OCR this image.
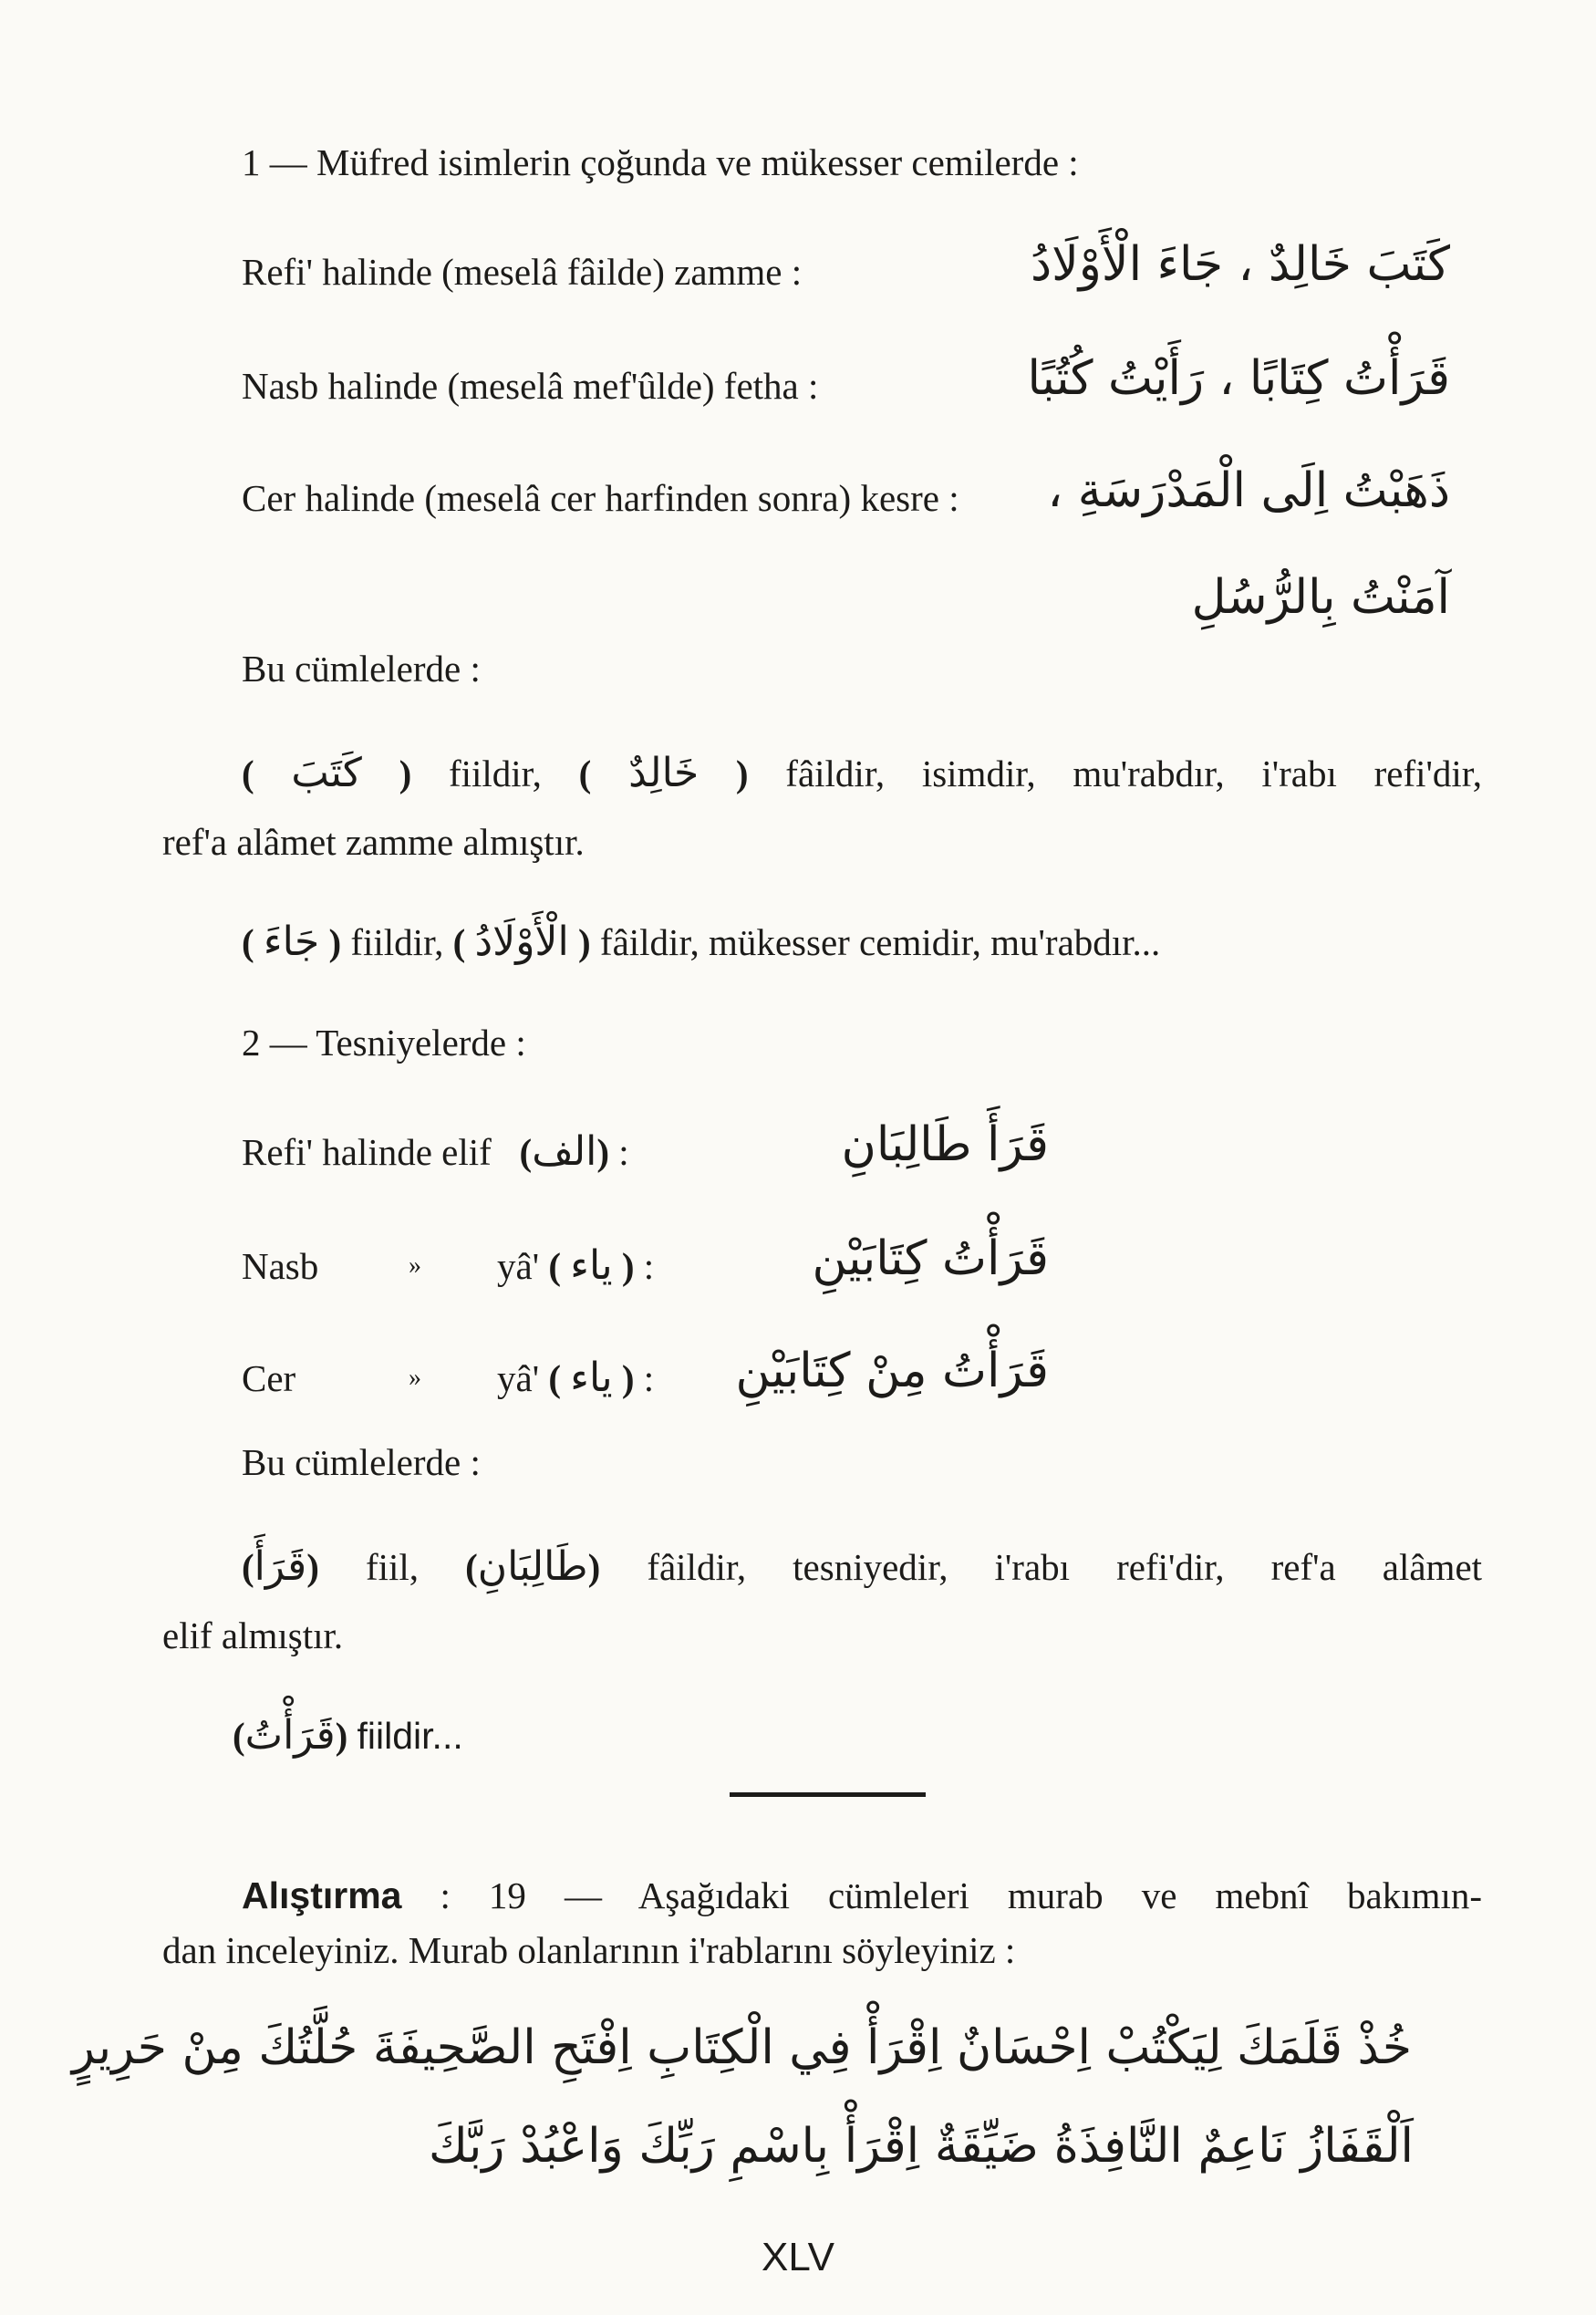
1 — Müfred isimlerin çoğunda ve mükesser cemilerde :
Refi' halinde (meselâ fâilde) zamme :	كَتَبَ خَالِدٌ ، جَاءَ الْأَوْلَادُ
Nasb halinde (meselâ mef'ûlde) fetha :	قَرَأْتُ كِتَابًا ، رَأَيْتُ كُتُبًا
Cer halinde (meselâ cer harfinden sonra) kesre : ذَهَبْتُ اِلَى الْمَدْرَسَةِ ،
آمَنْتُ بِالرُّسُلِ
Bu cümlelerde :
( كَتَبَ ) fiildir, ( خَالِدٌ ) fâildir, isimdir, mu'rabdır, i'rabı refi'dir,
ref'a alâmet zamme almıştır.
( جَاءَ ) fiildir, ( الْأَوْلَادُ ) fâildir, mükesser cemidir, mu'rabdır...
2 — Tesniyelerde :
Refi' halinde elif (الف) :	قَرَأَ طَالِبَانِ
Nasb	» yâ' ( ياء ) :	قَرَأْتُ كِتَابَيْنِ
Cer	» yâ' ( ياء ) :	قَرَأْتُ مِنْ كِتَابَيْنِ
Bu cümlelerde :
(قَرَأَ) fiil, (طَالِبَانِ) fâildir, tesniyedir, i'rabı refi'dir, ref'a alâmet
elif almıştır.
(قَرَأْتُ) fiildir...
Alıştırma : 19 — Aşağıdaki cümleleri murab ve mebnî bakımın-
dan inceleyiniz. Murab olanlarının i'rablarını söyleyiniz :
خُذْ قَلَمَكَ لِيَكْتُبْ اِحْسَانٌ اِقْرَأْ فِي الْكِتَابِ اِفْتَحِ الصَّحِيفَةَ حُلَّتُكَ مِنْ حَرِيرٍ
اَلْقَفَازُ نَاعِمٌ النَّافِذَةُ ضَيِّقَةٌ اِقْرَأْ بِاسْمِ رَبِّكَ وَاعْبُدْ رَبَّكَ
XLV
